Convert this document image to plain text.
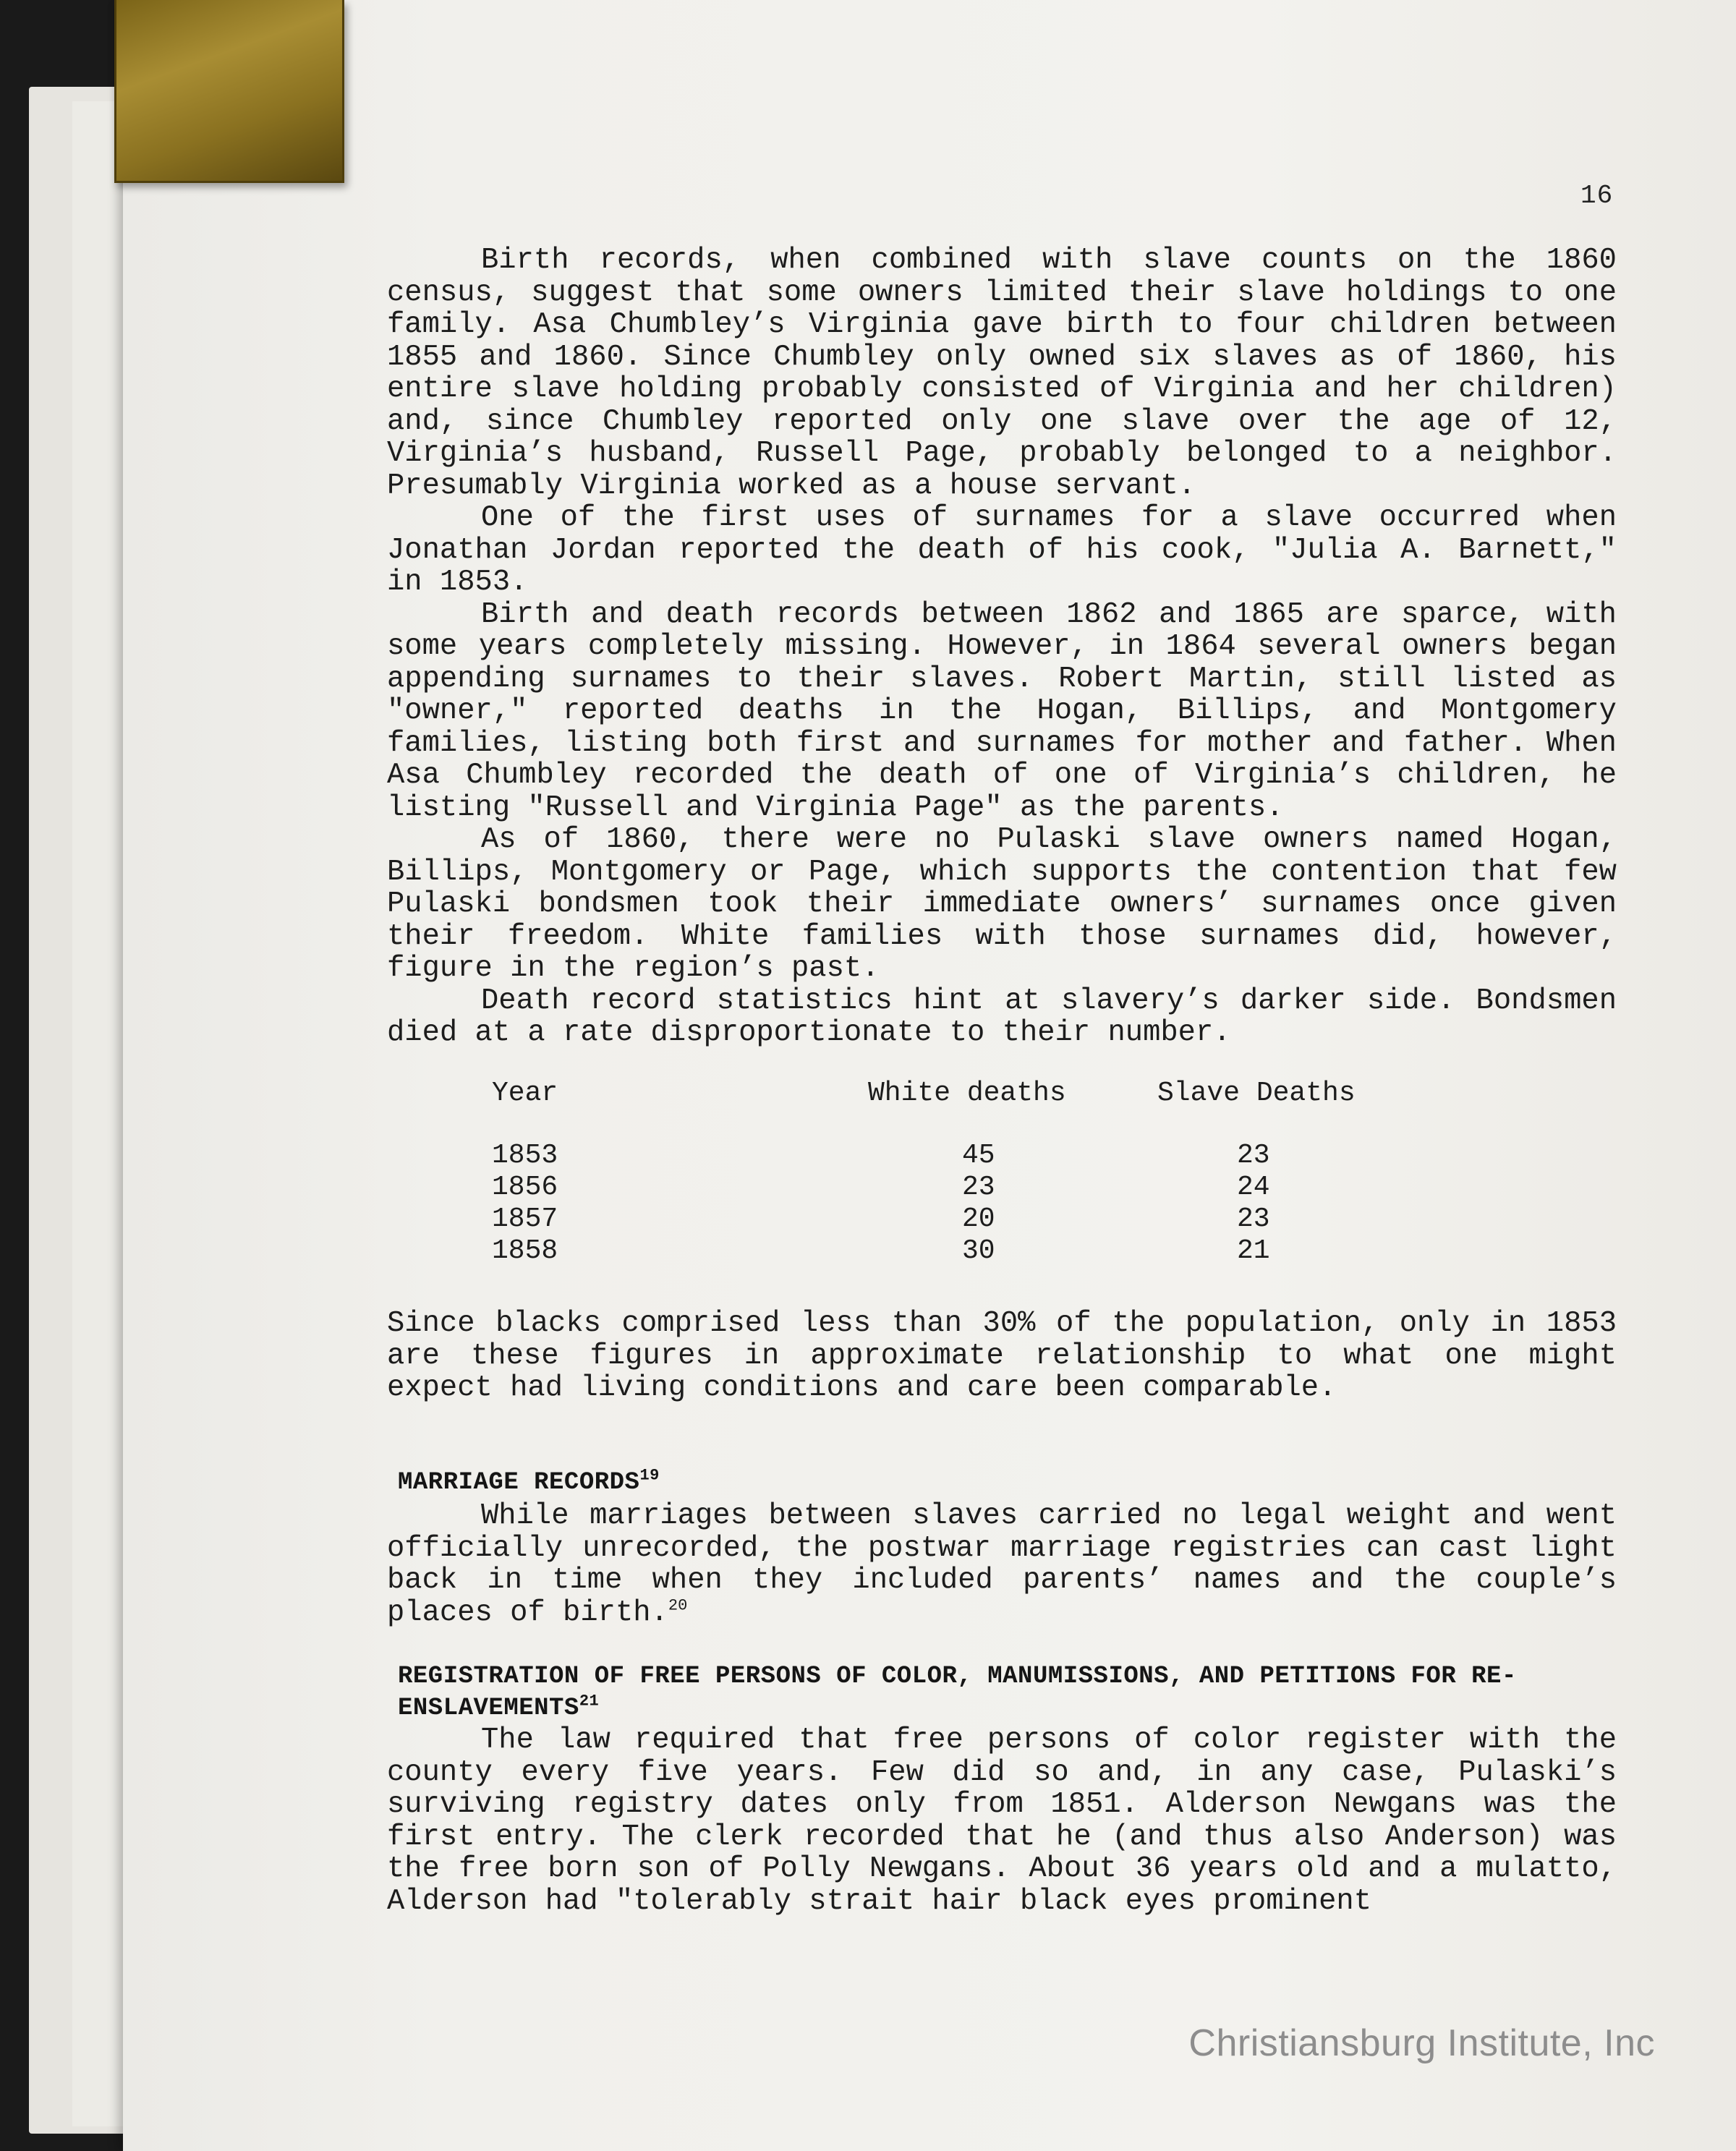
16

Birth records, when combined with slave counts on the 1860 census, suggest that some owners limited their slave holdings to one family. Asa Chumbley’s Virginia gave birth to four children between 1855 and 1860. Since Chumbley only owned six slaves as of 1860, his entire slave holding probably consisted of Virginia and her children) and, since Chumbley reported only one slave over the age of 12, Virginia’s husband, Russell Page, probably belonged to a neighbor. Presumably Virginia worked as a house servant.

One of the first uses of surnames for a slave occurred when Jonathan Jordan reported the death of his cook, "Julia A. Barnett," in 1853.

Birth and death records between 1862 and 1865 are sparce, with some years completely missing. However, in 1864 several owners began appending surnames to their slaves. Robert Martin, still listed as "owner," reported deaths in the Hogan, Billips, and Montgomery families, listing both first and surnames for mother and father. When Asa Chumbley recorded the death of one of Virginia’s children, he listing "Russell and Virginia Page" as the parents.

As of 1860, there were no Pulaski slave owners named Hogan, Billips, Montgomery or Page, which supports the contention that few Pulaski bondsmen took their immediate owners’ surnames once given their freedom. White families with those surnames did, however, figure in the region’s past.

Death record statistics hint at slavery’s darker side. Bondsmen died at a rate disproportionate to their number.

Year	White deaths	Slave Deaths
1853	45	23
1856	23	24
1857	20	23
1858	30	21

Since blacks comprised less than 30% of the population, only in 1853 are these figures in approximate relationship to what one might expect had living conditions and care been comparable.

MARRIAGE RECORDS$^{19}$

While marriages between slaves carried no legal weight and went officially unrecorded, the postwar marriage registries can cast light back in time when they included parents’ names and the couple’s places of birth.$^{20}$

REGISTRATION OF FREE PERSONS OF COLOR, MANUMISSIONS, AND PETITIONS FOR RE-ENSLAVEMENTS$^{21}$

The law required that free persons of color register with the county every five years. Few did so and, in any case, Pulaski’s surviving registry dates only from 1851. Alderson Newgans was the first entry. The clerk recorded that he (and thus also Anderson) was the free born son of Polly Newgans. About 36 years old and a mulatto, Alderson had "tolerably strait hair black eyes prominent

Christiansburg Institute, Inc
